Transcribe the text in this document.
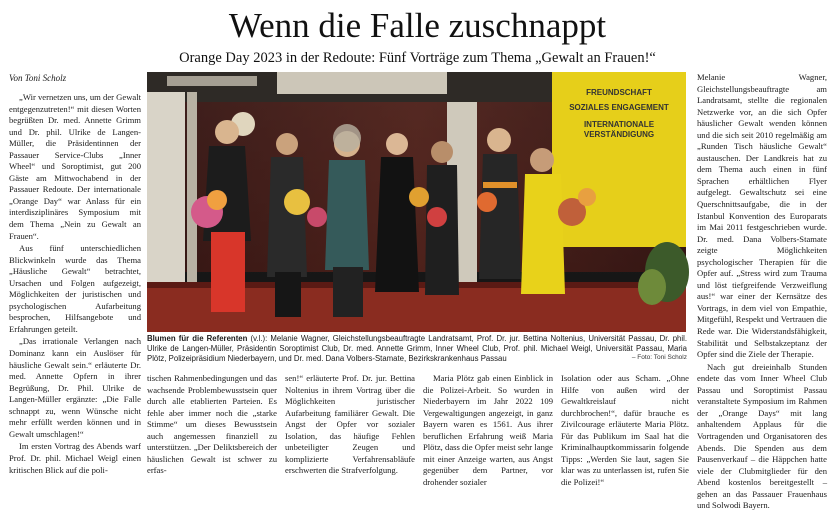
Wenn die Falle zuschnappt
Orange Day 2023 in der Redoute: Fünf Vorträge zum Thema „Gewalt an Frauen!“
Von Toni Scholz

„Wir vernetzen uns, um der Gewalt entgegenzutreten!“ mit diesen Worten begrüßten Dr. med. Annette Grimm und Dr. phil. Ulrike de Langen-Müller, die Präsidentinnen der Passauer Service-Clubs „Inner Wheel“ und Soroptimist, gut 200 Gäste am Mittwochabend in der Passauer Redoute. Der internationale „Orange Day“ war Anlass für ein interdisziplinäres Symposium mit dem Thema „Nein zu Gewalt an Frauen“.

Aus fünf unterschiedlichen Blickwinkeln wurde das Thema „Häusliche Gewalt“ betrachtet, Ursachen und Folgen aufgezeigt, Möglichkeiten der juristischen und psychologischen Aufarbeitung besprochen, Hilfsangebote und Erfahrungen geteilt.

„Das irrationale Verlangen nach Dominanz kann ein Auslöser für häusliche Gewalt sein.“ erläuterte Dr. med. Annette Opfern in ihrer Begrüßung, Dr. Phil. Ulrike de Langen-Müller ergänzte: „Die Falle schnappt zu, wenn Wünsche nicht mehr erfüllt werden können und in Gewalt umschlagen!“

Im ersten Vortrag des Abends warf Prof. Dr. phil. Michael Weigl einen kritischen Blick auf die poli-

FREUNDSCHAFT
SOZIALES ENGAGEMENT
INTERNATIONALE
VERSTÄNDIGUNG
Blumen für die Referenten (v.l.): Melanie Wagner, Gleichstellungsbeauftragte Landratsamt, Prof. Dr. jur. Bettina Noltenius, Universität Passau, Dr. phil. Ulrike de Langen-Müller, Präsidentin Soroptimist Club, Dr. med. Annette Grimm, Inner Wheel Club, Prof. phil. Michael Weigl, Universität Passau, Maria Plötz, Polizeipräsidium Niederbayern, und Dr. med. Dana Volbers-Stamate, Bezirkskrankenhaus Passau	– Foto: Toni Scholz

tischen Rahmenbedingungen und das wachsende Problembewusstsein quer durch alle etablierten Parteien. Es fehle aber immer noch die „starke Stimme“ um dieses Bewusstsein auch angemessen finanziell zu unterstützen. „Der Deliktsbereich der häuslichen Gewalt ist schwer zu erfas-

sen!“ erläuterte Prof. Dr. jur. Bettina Noltenius in ihrem Vortrag über die Möglichkeiten juristischer Aufarbeitung familiärer Gewalt. Die Angst der Opfer vor sozialer Isolation, das häufige Fehlen unbeteiligter Zeugen und komplizierte Verfahrensabläufe erschwerten die Strafverfolgung.

Maria Plötz gab einen Einblick in die Polizei-Arbeit. So wurden in Niederbayern im Jahr 2022 109 Vergewaltigungen angezeigt, in ganz Bayern waren es 1561. Aus ihrer beruflichen Erfahrung weiß Maria Plötz, dass die Opfer meist sehr lange mit einer Anzeige warten, aus Angst gegenüber dem Partner, vor drohender sozialer

Isolation oder aus Scham. „Ohne Hilfe von außen wird der Gewaltkreislauf nicht durchbrochen!“, dafür brauche es Zivilcourage erläuterte Maria Plötz. Für das Publikum im Saal hat die Kriminalhauptkommissarin folgende Tipps: „Werden Sie laut, sagen Sie klar was zu unterlassen ist, rufen Sie die Polizei!“

Melanie Wagner, Gleichstellungsbeauftragte am Landratsamt, stellte die regionalen Netzwerke vor, an die sich Opfer häuslicher Gewalt wenden können und die sich seit 2010 regelmäßig am „Runden Tisch häusliche Gewalt“ austauschen. Der Landkreis hat zu dem Thema auch einen in fünf Sprachen erhältlichen Flyer aufgelegt. Gewaltschutz sei eine Querschnittsaufgabe, die in der Istanbul Konvention des Europarats im Mai 2011 festgeschrieben wurde. Dr. med. Dana Volbers-Stamate zeigte Möglichkeiten psychologischer Therapien für die Opfer auf. „Stress wird zum Trauma und löst tiefgreifende Verzweiflung aus!“ war einer der Kernsätze des Vortrags, in dem viel von Empathie, Mitgefühl, Respekt und Vertrauen die Rede war. Die Widerstandsfähigkeit, Stabilität und Selbstakzeptanz der Opfer sind die Ziele der Therapie.

Nach gut dreieinhalb Stunden endete das vom Inner Wheel Club Passau und Soroptimist Passau veranstaltete Symposium im Rahmen der „Orange Days“ mit lang anhaltendem Applaus für die Vortragenden und Organisatoren des Abends. Die Spenden aus dem Pausenverkauf – die Häppchen hatte viele der Clubmitglieder für den Abend kostenlos bereitgestellt – gehen an das Passauer Frauenhaus und Solwodi Bayern.
